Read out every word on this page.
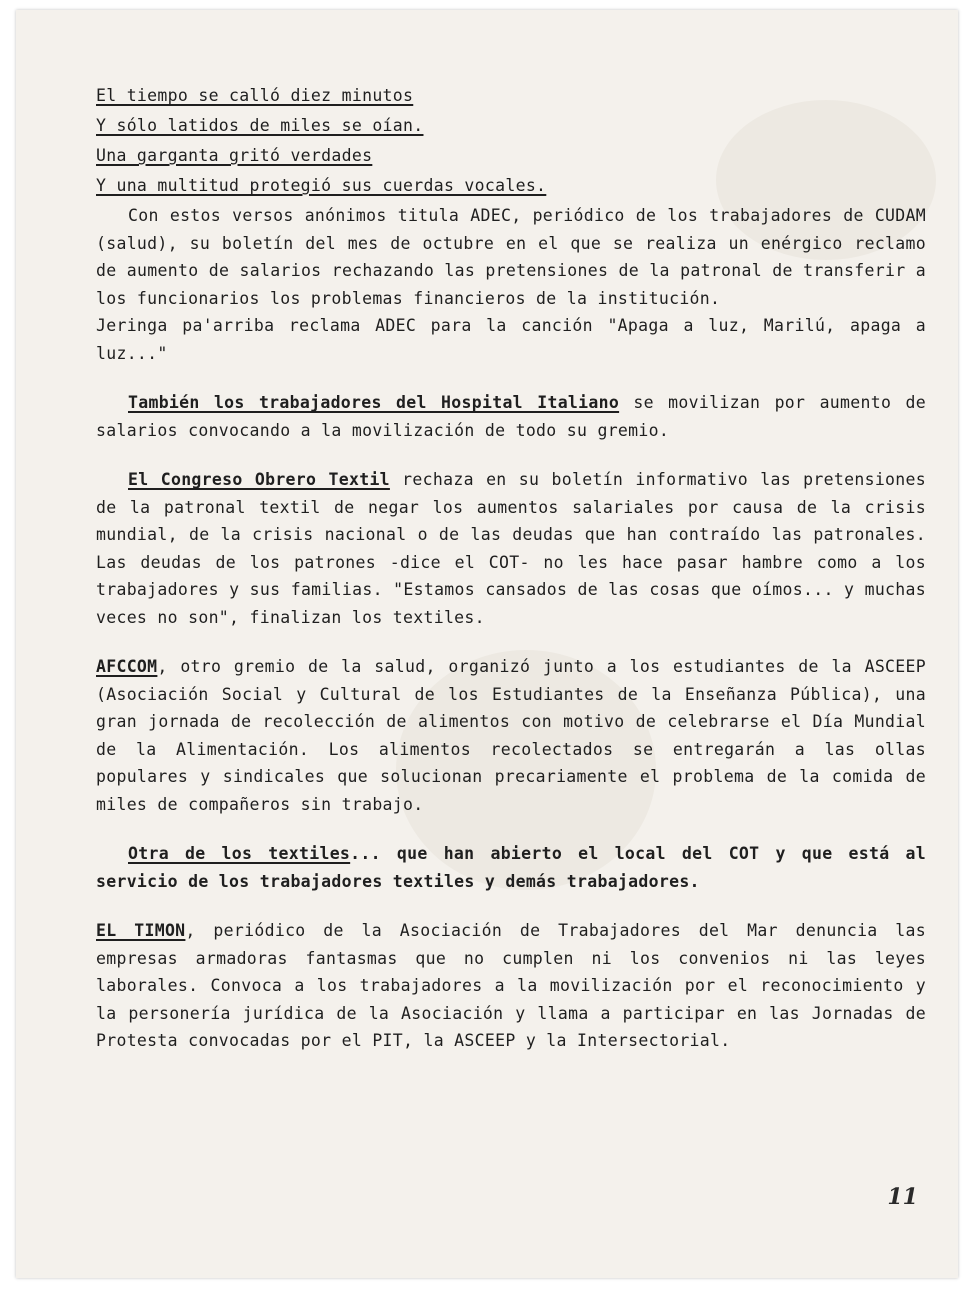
El tiempo se calló diez minutos
Y sólo latidos de miles se oían.
Una garganta gritó verdades
Y una multitud protegió sus cuerdas vocales.

Con estos versos anónimos titula ADEC, periódico de los trabajadores de CUDAM (salud), su boletín del mes de octubre en el que se realiza un enérgico reclamo de aumento de salarios rechazando las pretensiones de la patronal de transferir a los funcionarios los problemas financieros de la institución.

Jeringa pa'arriba reclama ADEC para la canción "Apaga a luz, Marilú, apaga a luz..."

También los trabajadores del Hospital Italiano se movilizan por aumento de salarios convocando a la movilización de todo su gremio.

El Congreso Obrero Textil rechaza en su boletín informativo las pretensiones de la patronal textil de negar los aumentos salariales por causa de la crisis mundial, de la crisis nacional o de las deudas que han contraído las patronales. Las deudas de los patrones -dice el COT- no les hace pasar hambre como a los trabajadores y sus familias. "Estamos cansados de las cosas que oímos... y muchas veces no son", finalizan los textiles.

AFCCOM, otro gremio de la salud, organizó junto a los estudiantes de la ASCEEP (Asociación Social y Cultural de los Estudiantes de la Enseñanza Pública), una gran jornada de recolección de alimentos con motivo de celebrarse el Día Mundial de la Alimentación. Los alimentos recolectados se entregarán a las ollas populares y sindicales que solucionan precariamente el problema de la comida de miles de compañeros sin trabajo.

Otra de los textiles... que han abierto el local del COT y que está al servicio de los trabajadores textiles y demás trabajadores.

EL TIMON, periódico de la Asociación de Trabajadores del Mar denuncia las empresas armadoras fantasmas que no cumplen ni los convenios ni las leyes laborales. Convoca a los trabajadores a la movilización por el reconocimiento y la personería jurídica de la Asociación y llama a participar en las Jornadas de Protesta convocadas por el PIT, la ASCEEP y la Intersectorial.

11
